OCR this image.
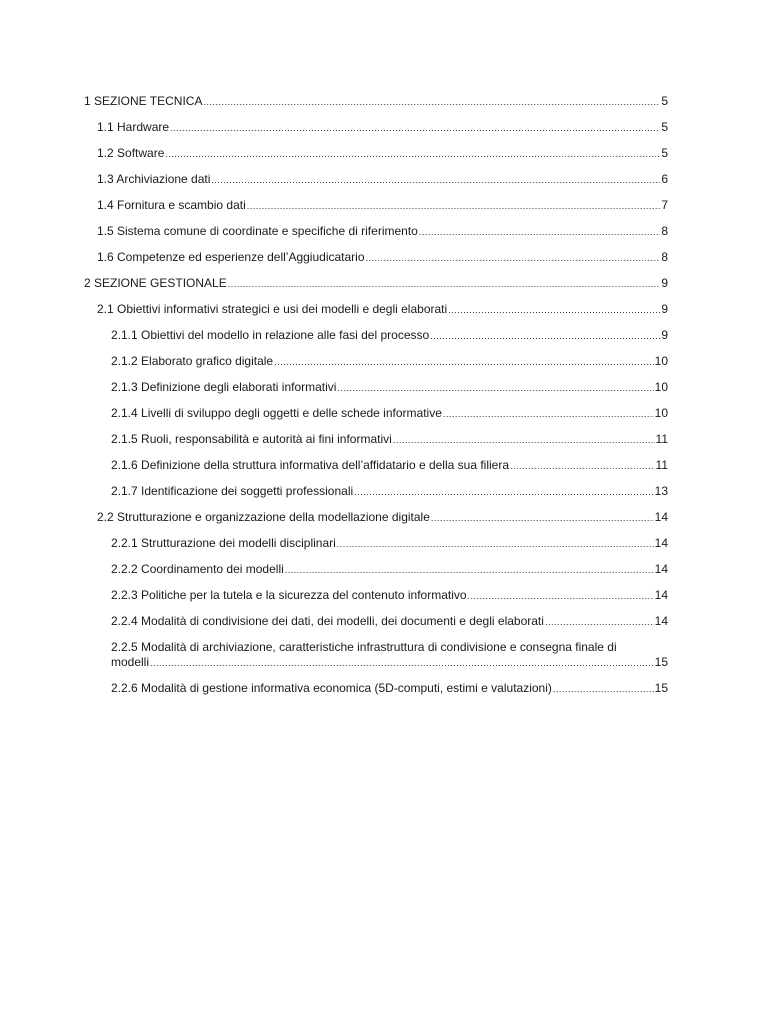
1 SEZIONE TECNICA .....	5
1.1 Hardware .....	5
1.2 Software .....	5
1.3 Archiviazione dati .....	6
1.4 Fornitura e scambio dati .....	7
1.5 Sistema comune di coordinate e specifiche di riferimento .....	8
1.6 Competenze ed esperienze dell’Aggiudicatario .....	8
2 SEZIONE GESTIONALE .....	9
2.1 Obiettivi informativi strategici e usi dei modelli e degli elaborati .....	9
2.1.1 Obiettivi del modello in relazione alle fasi del processo .....	9
2.1.2 Elaborato grafico digitale .....	10
2.1.3 Definizione degli elaborati informativi .....	10
2.1.4 Livelli di sviluppo degli oggetti e delle schede informative .....	10
2.1.5 Ruoli, responsabilità e autorità ai fini informativi .....	11
2.1.6 Definizione della struttura informativa dell’affidatario e della sua filiera .....	11
2.1.7 Identificazione dei soggetti professionali .....	13
2.2 Strutturazione e organizzazione della modellazione digitale .....	14
2.2.1 Strutturazione dei modelli disciplinari .....	14
2.2.2 Coordinamento dei modelli .....	14
2.2.3 Politiche per la tutela e la sicurezza del contenuto informativo .....	14
2.2.4 Modalità di condivisione dei dati, dei modelli, dei documenti e degli elaborati .....	14
2.2.5 Modalità di archiviazione, caratteristiche infrastruttura di condivisione e consegna finale di
modelli .....	15
2.2.6 Modalità di gestione informativa economica (5D-computi, estimi e valutazioni) .....	15
